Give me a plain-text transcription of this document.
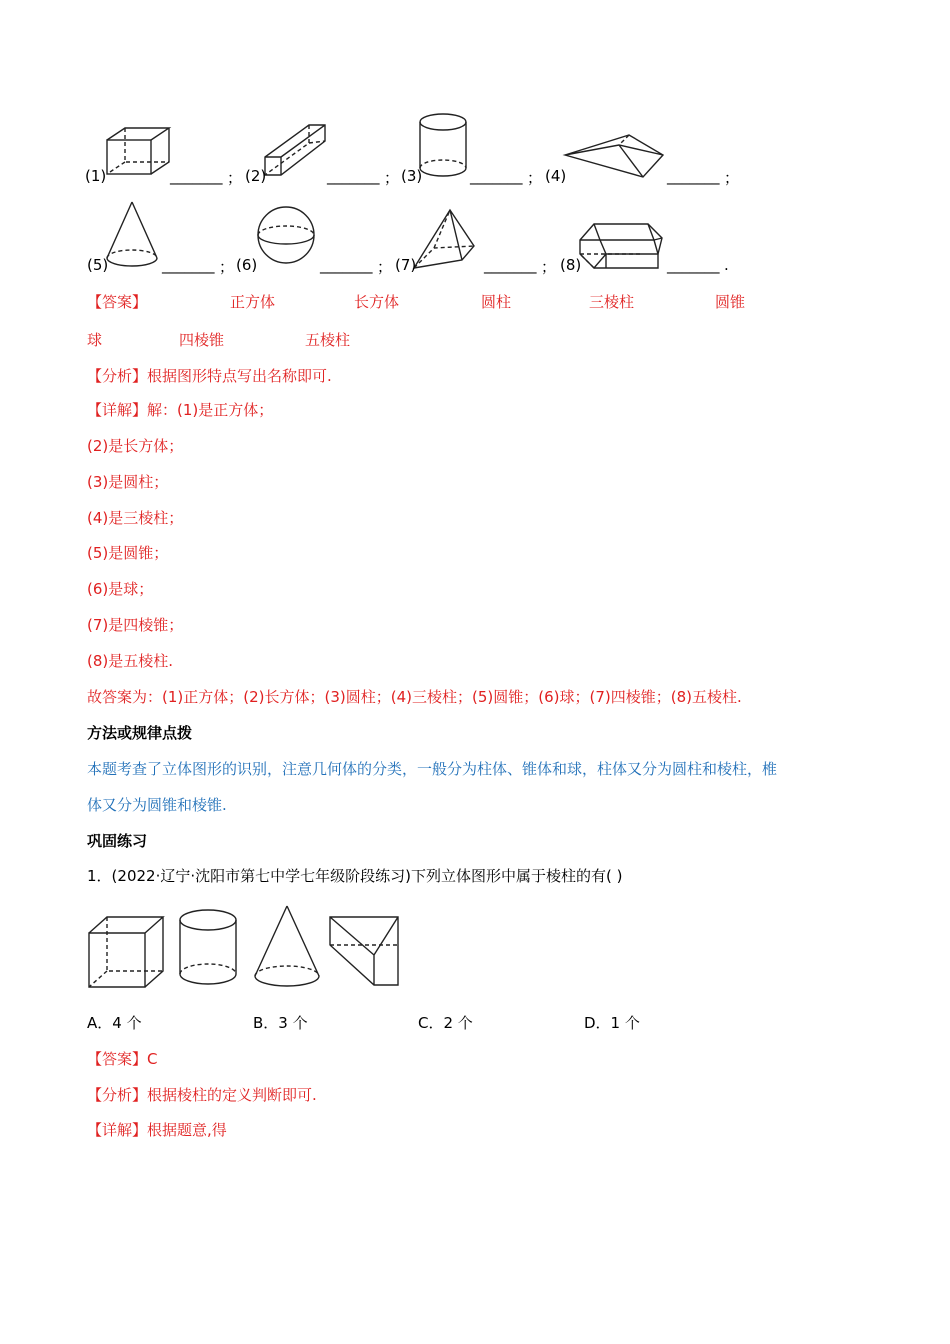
(1)	_______ ； (2)	_______ ； (3)	_______ ； (4)	_______ ；
(5)	_______ ； (6)	_______ ； (7)	_______ ； (8)	_______ .
【答案】	正方体	长方体	圆柱	三棱柱	圆锥
球	四棱锥	五棱柱
【分析】根据图形特点写出名称即可.
【详解】解：(1)是正方体；
(2)是长方体；
(3)是圆柱；
(4)是三棱柱；
(5)是圆锥；
(6)是球；
(7)是四棱锥；
(8)是五棱柱.
故答案为：(1)正方体；(2)长方体；(3)圆柱；(4)三棱柱；(5)圆锥；(6)球；(7)四棱锥；(8)五棱柱.
方法或规律点拨
本题考查了立体图形的识别，注意几何体的分类，一般分为柱体、锥体和球，柱体又分为圆柱和棱柱，椎
体又分为圆锥和棱锥.
巩固练习
1．(2022·辽宁·沈阳市第七中学七年级阶段练习)下列立体图形中属于棱柱的有( )
A．4 个	B．3 个	C．2 个	D．1 个
【答案】C
【分析】根据棱柱的定义判断即可.
【详解】根据题意,得
